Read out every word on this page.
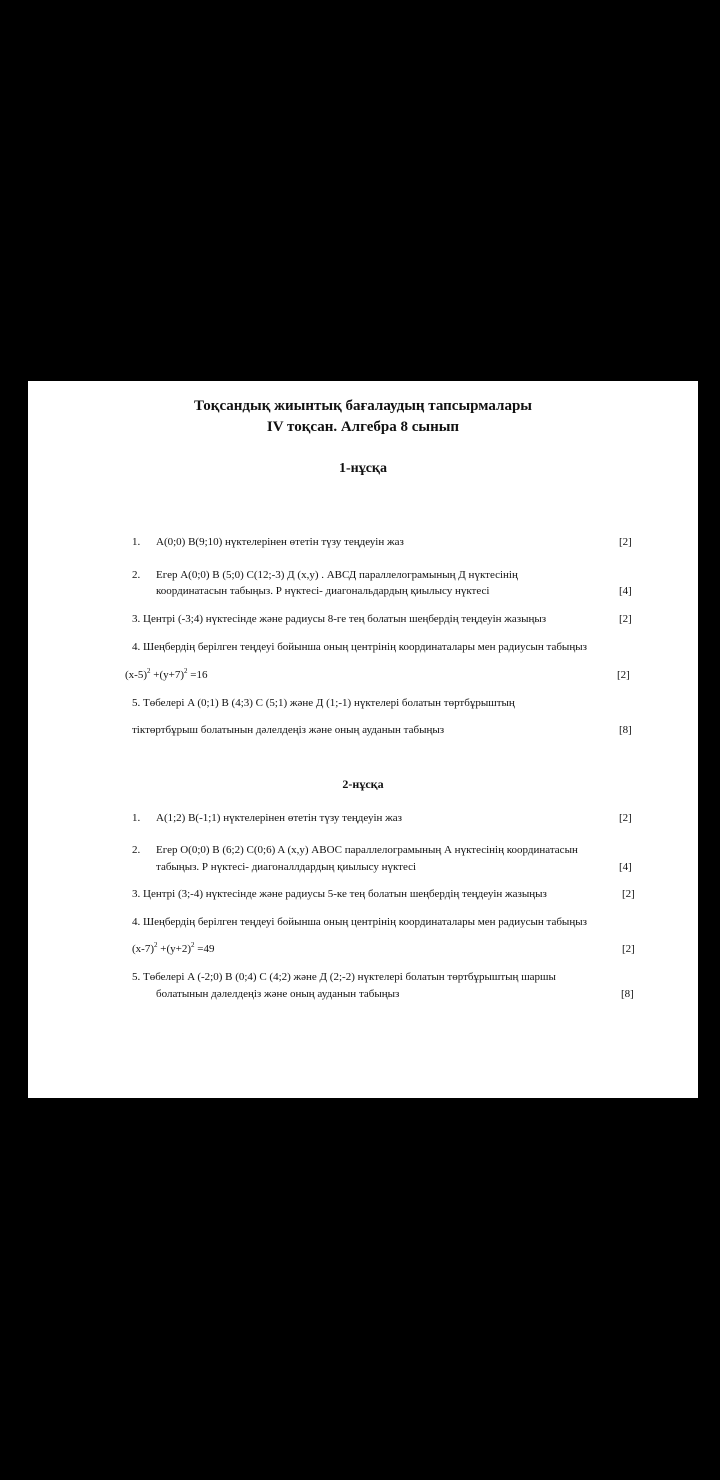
Тоқсандық жиынтық бағалаудың тапсырмалары
IV тоқсан. Алгебра 8 сынып
1-нұсқа
1. A(0;0) B(9;10) нүктелерінен өтетін түзу теңдеуін жаз	[2]
2. Егер A(0;0) B (5;0) C(12;-3) Д (x,y) . АВСД параллелограмының Д нүктесінің
координатасын табыңыз. Р нүктесі- диагональдардың қиылысу нүктесі	[4]
3. Центрі (-3;4) нүктесінде және радиусы 8-ге тең болатын шеңбердің теңдеуін жазыңыз	[2]
4. Шеңбердің берілген теңдеуі бойынша оның центрінің координаталары мен радиусын табыңыз
$(x-5)^2 +(y+7)^2 =16$	[2]
5. Төбелері A (0;1) B (4;3) C (5;1) және Д (1;-1) нүктелері болатын төртбұрыштың
тіктөртбұрыш болатынын дәлелдеңіз және оның ауданын табыңыз	[8]
2-нұсқа
1. A(1;2) B(-1;1) нүктелерінен өтетін түзу теңдеуін жаз	[2]
2. Егер O(0;0) B (6;2) C(0;6) A (x,y) АВОС параллелограмының А нүктесінің координатасын
табыңыз. Р нүктесі- диагоналлдардың қиылысу нүктесі	[4]
3. Центрі (3;-4) нүктесінде және радиусы 5-ке тең болатын шеңбердің теңдеуін жазыңыз	[2]
4. Шеңбердің берілген теңдеуі бойынша оның центрінің координаталары мен радиусын табыңыз
$(x-7)^2 +(y+2)^2 =49$	[2]
5. Төбелері A (-2;0) B (0;4) C (4;2) және Д (2;-2) нүктелері болатын төртбұрыштың шаршы
болатынын дәлелдеңіз және оның ауданын табыңыз	[8]
